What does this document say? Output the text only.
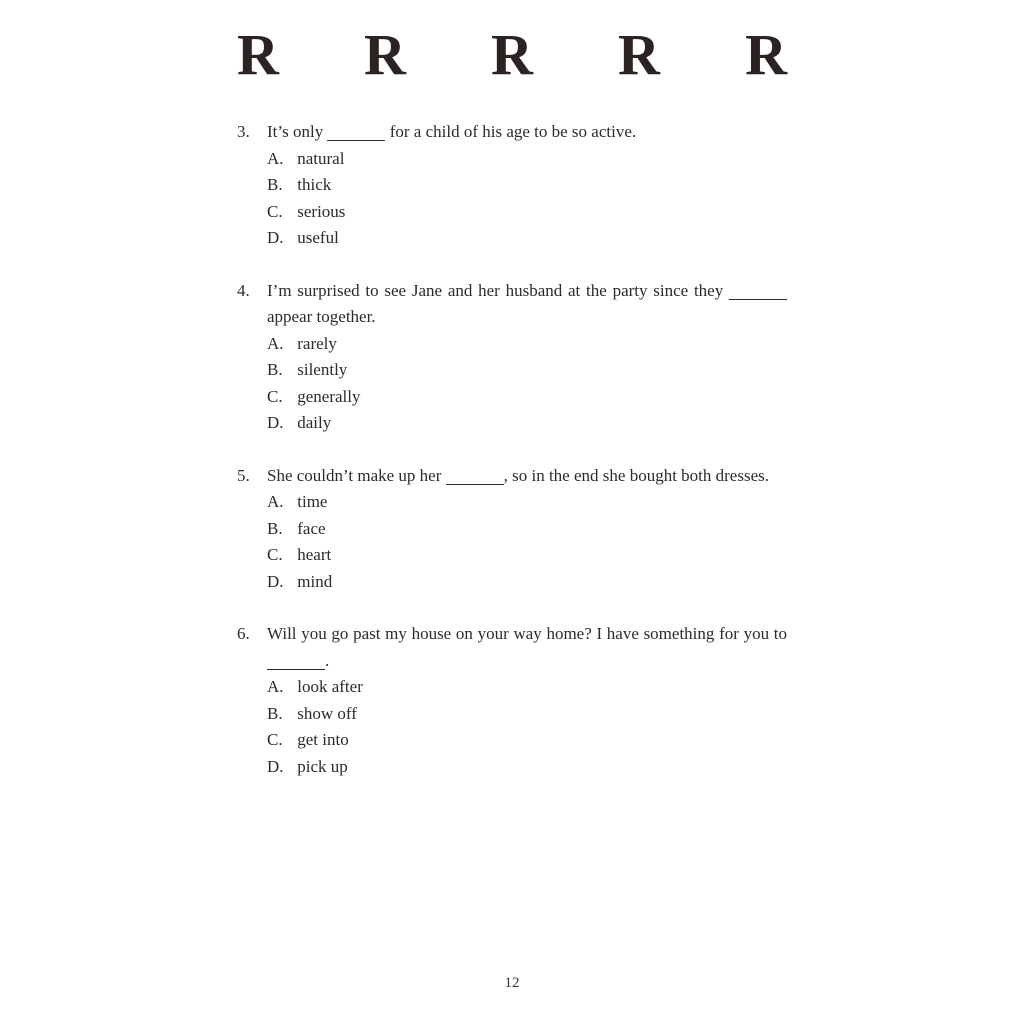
R R R R R
3.	It’s only	for a child of his age to be so active.
A. natural
B. thick
C. serious
D. useful
4.	I’m surprised to see Jane and her husband at the party since they
appear together.
A. rarely
B. silently
C. generally
D. daily
5.	She couldn’t make up her	, so in the end she bought both dresses.
A. time
B. face
C. heart
D. mind
6.	Will you go past my house on your way home? I have something for you to
.
A. look after
B. show off
C. get into
D. pick up
12
